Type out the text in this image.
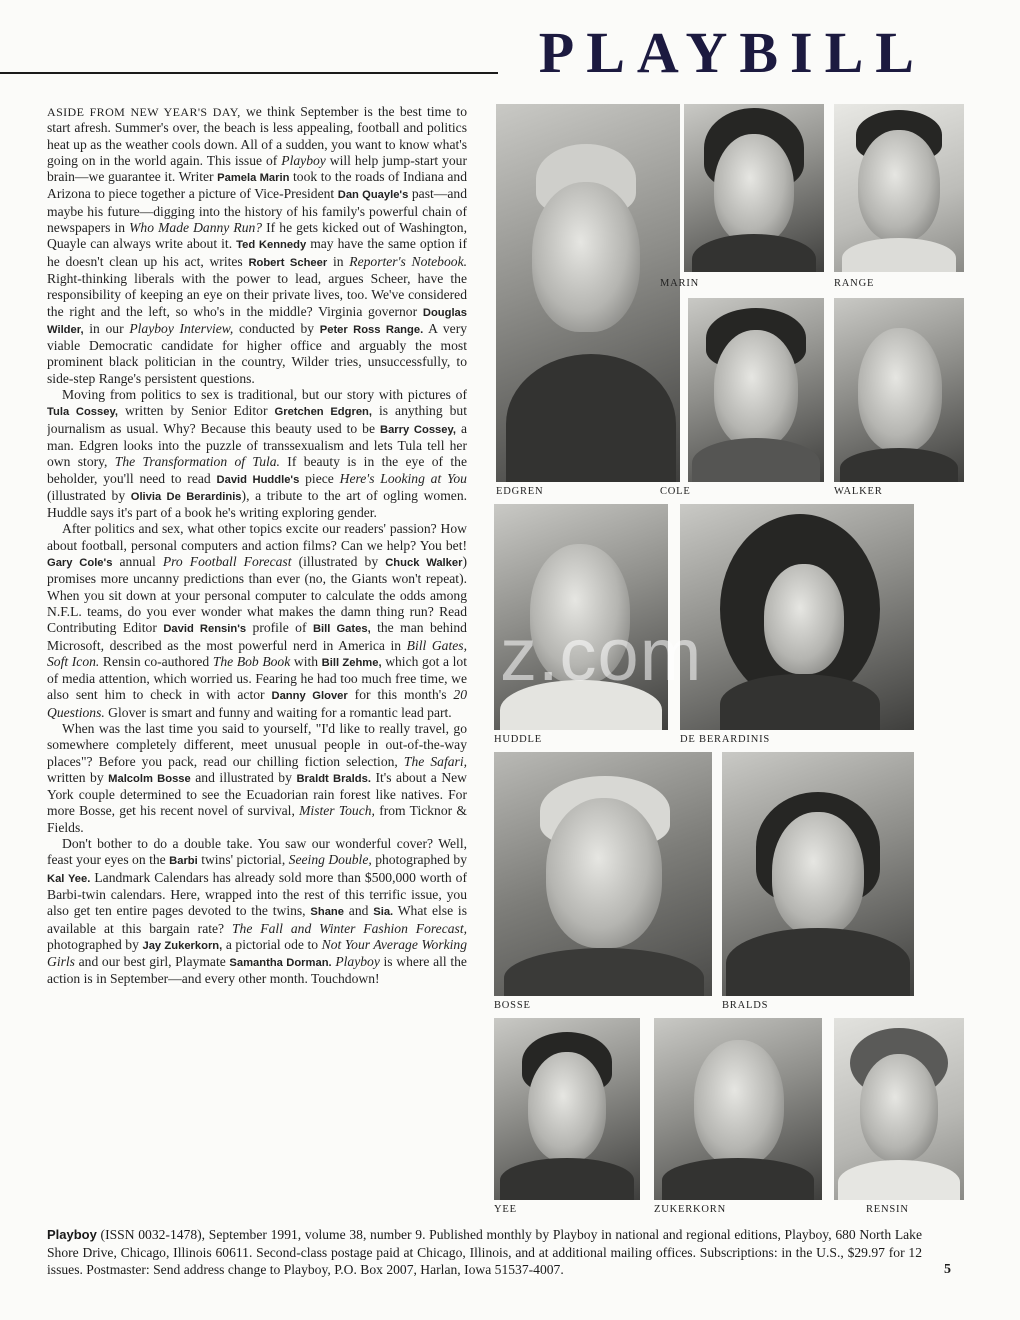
PLAYBILL

ASIDE FROM NEW YEAR'S DAY, we think September is the best time to start afresh. Summer's over, the beach is less appealing, football and politics heat up as the weather cools down. All of a sudden, you want to know what's going on in the world again. This issue of Playboy will help jump-start your brain—we guarantee it. Writer Pamela Marin took to the roads of Indiana and Arizona to piece together a picture of Vice-President Dan Quayle's past—and maybe his future—digging into the history of his family's powerful chain of newspapers in Who Made Danny Run? If he gets kicked out of Washington, Quayle can always write about it. Ted Kennedy may have the same option if he doesn't clean up his act, writes Robert Scheer in Reporter's Notebook. Right-thinking liberals with the power to lead, argues Scheer, have the responsibility of keeping an eye on their private lives, too. We've considered the right and the left, so who's in the middle? Virginia governor Douglas Wilder, in our Playboy Interview, conducted by Peter Ross Range. A very viable Democratic candidate for higher office and arguably the most prominent black politician in the country, Wilder tries, unsuccessfully, to side-step Range's persistent questions.

Moving from politics to sex is traditional, but our story with pictures of Tula Cossey, written by Senior Editor Gretchen Edgren, is anything but journalism as usual. Why? Because this beauty used to be Barry Cossey, a man. Edgren looks into the puzzle of transsexualism and lets Tula tell her own story, The Transformation of Tula. If beauty is in the eye of the beholder, you'll need to read David Huddle's piece Here's Looking at You (illustrated by Olivia De Berardinis), a tribute to the art of ogling women. Huddle says it's part of a book he's writing exploring gender.

After politics and sex, what other topics excite our readers' passion? How about football, personal computers and action films? Can we help? You bet! Gary Cole's annual Pro Football Forecast (illustrated by Chuck Walker) promises more uncanny predictions than ever (no, the Giants won't repeat). When you sit down at your personal computer to calculate the odds among N.F.L. teams, do you ever wonder what makes the damn thing run? Read Contributing Editor David Rensin's profile of Bill Gates, the man behind Microsoft, described as the most powerful nerd in America in Bill Gates, Soft Icon. Rensin co-authored The Bob Book with Bill Zehme, which got a lot of media attention, which worried us. Fearing he had too much free time, we also sent him to check in with actor Danny Glover for this month's 20 Questions. Glover is smart and funny and waiting for a romantic lead part.

When was the last time you said to yourself, "I'd like to really travel, go somewhere completely different, meet unusual people in out-of-the-way places"? Before you pack, read our chilling fiction selection, The Safari, written by Malcolm Bosse and illustrated by Braldt Bralds. It's about a New York couple determined to see the Ecuadorian rain forest like natives. For more Bosse, get his recent novel of survival, Mister Touch, from Ticknor & Fields.

Don't bother to do a double take. You saw our wonderful cover? Well, feast your eyes on the Barbi twins' pictorial, Seeing Double, photographed by Kal Yee. Landmark Calendars has already sold more than $500,000 worth of Barbi-twin calendars. Here, wrapped into the rest of this terrific issue, you also get ten entire pages devoted to the twins, Shane and Sia. What else is available at this bargain rate? The Fall and Winter Fashion Forecast, photographed by Jay Zukerkorn, a pictorial ode to Not Your Average Working Girls and our best girl, Playmate Samantha Dorman. Playboy is where all the action is in September—and every other month. Touchdown!

EDGREN
MARIN	RANGE
COLE	WALKER
HUDDLE	DE BERARDINIS
BOSSE	BRALDS
YEE	ZUKERKORN	RENSIN
z.com
Playboy (ISSN 0032-1478), September 1991, volume 38, number 9. Published monthly by Playboy in national and regional editions, Playboy, 680 North Lake Shore Drive, Chicago, Illinois 60611. Second-class postage paid at Chicago, Illinois, and at additional mailing offices. Subscriptions: in the U.S., $29.97 for 12 issues. Postmaster: Send address change to Playboy, P.O. Box 2007, Harlan, Iowa 51537-4007.	5
